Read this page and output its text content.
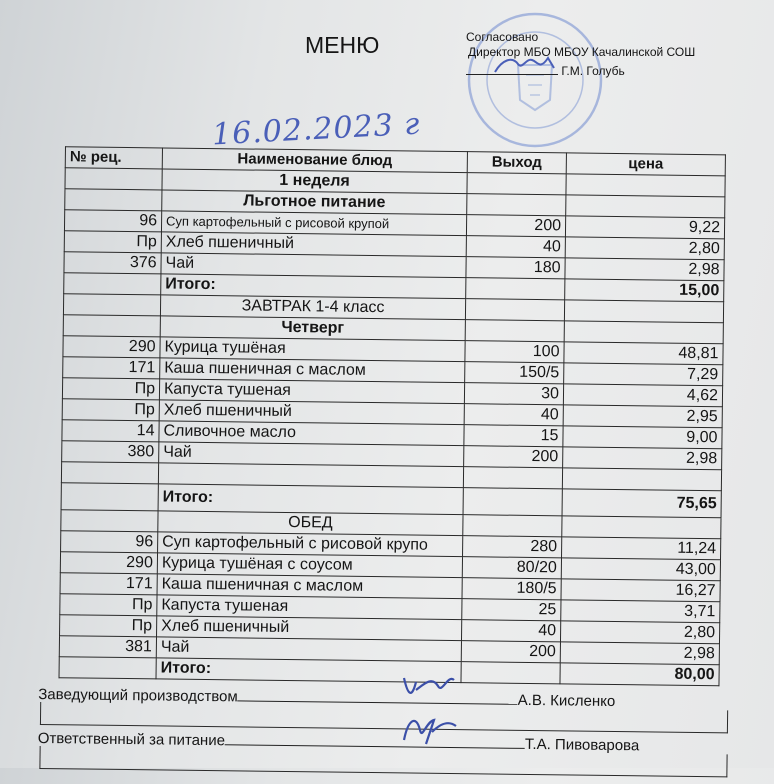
МЕНЮ	Согласовано
Директор МБО МБОУ Качалинской СОШ
Г.М. Голубь
16.02.2023 г
№ рец.	Наименование блюд	Выход	цена
	1 неделя		
	Льготное питание		
96	Суп картофельный с рисовой крупой	200	9,22
Пр	Хлеб пшеничный	40	2,80
376	Чай	180	2,98
	Итого:		15,00
	ЗАВТРАК 1-4 класс		
	Четверг		
290	Курица тушёная	100	48,81
171	Каша пшеничная с маслом	150/5	7,29
Пр	Капуста тушеная	30	4,62
Пр	Хлеб пшеничный	40	2,95
14	Сливочное масло	15	9,00
380	Чай	200	2,98

	Итого:		75,65
	ОБЕД		
96	Суп картофельный с рисовой крупо	280	11,24
290	Курица тушёная с соусом	80/20	43,00
171	Каша пшеничная с маслом	180/5	16,27
Пр	Капуста тушеная	25	3,71
Пр	Хлеб пшеничный	40	2,80
381	Чай	200	2,98
	Итого:		80,00
Заведующий производством	А.В. Кисленко
Ответственный за питание	Т.А. Пивоварова
